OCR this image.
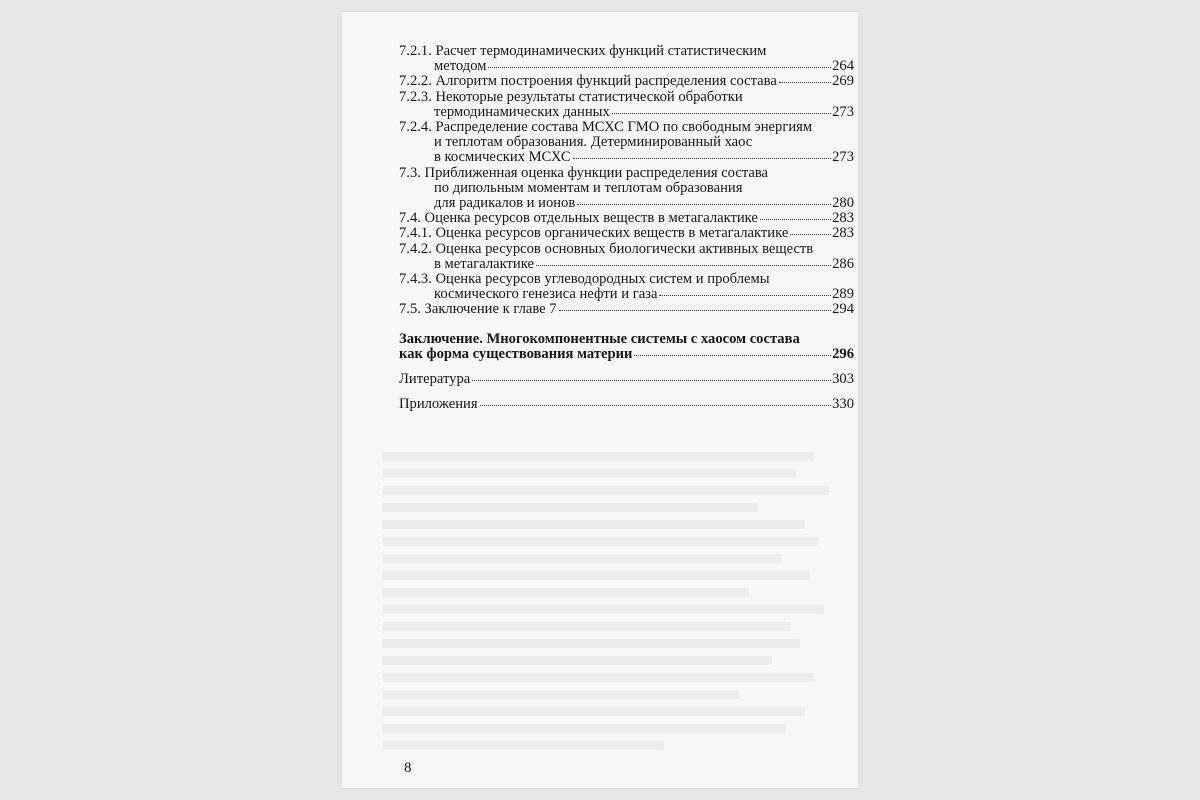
7.2.1. Расчет термодинамических функций статистическим
методом	264
7.2.2. Алгоритм построения функций распределения состава	269
7.2.3. Некоторые результаты статистической обработки
термодинамических данных	273
7.2.4. Распределение состава МСХС ГМО по свободным энергиям
и теплотам образования. Детерминированный хаос
в космических МСХС	273
7.3. Приближенная оценка функции распределения состава
по дипольным моментам и теплотам образования
для радикалов и ионов	280
7.4. Оценка ресурсов отдельных веществ в метагалактике	283
7.4.1. Оценка ресурсов органических веществ в метагалактике	283
7.4.2. Оценка ресурсов основных биологически активных веществ
в метагалактике	286
7.4.3. Оценка ресурсов углеводородных систем и проблемы
космического генезиса нефти и газа	289
7.5. Заключение к главе 7	294
Заключение. Многокомпонентные системы с хаосом состава
как форма существования материи	296
Литература	303
Приложения	330
8
